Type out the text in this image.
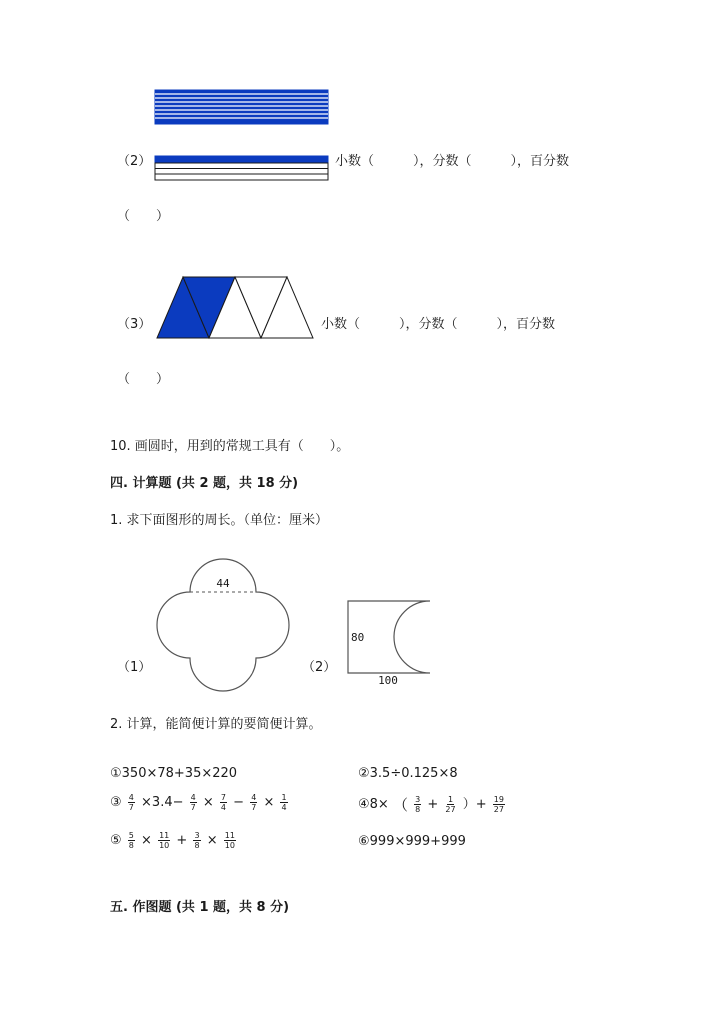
（2）	小数（　　　），分数（　　　），百分数
（　　）
（3）	小数（　　　），分数（　　　），百分数
（　　）
10. 画圆时，用到的常规工具有（　　）。
四. 计算题 (共 2 题，共 18 分)
1. 求下面图形的周长。（单位：厘米）
（1）
44
（2）
80
100
2. 计算，能简便计算的要简便计算。
①350×78+35×220	②3.5÷0.125×8
③ $\frac{4}{7} \times 3.4- \frac{4}{7} \times \frac{7}{4} - \frac{4}{7} \times \frac{1}{4}$	④8× （ $\frac{3}{8} + \frac{1}{27}$ ）+ $\frac{19}{27}$
⑤ $\frac{5}{8} \times \frac{11}{10} + \frac{3}{8} \times \frac{11}{10}$	⑥999×999+999
五. 作图题 (共 1 题，共 8 分)
